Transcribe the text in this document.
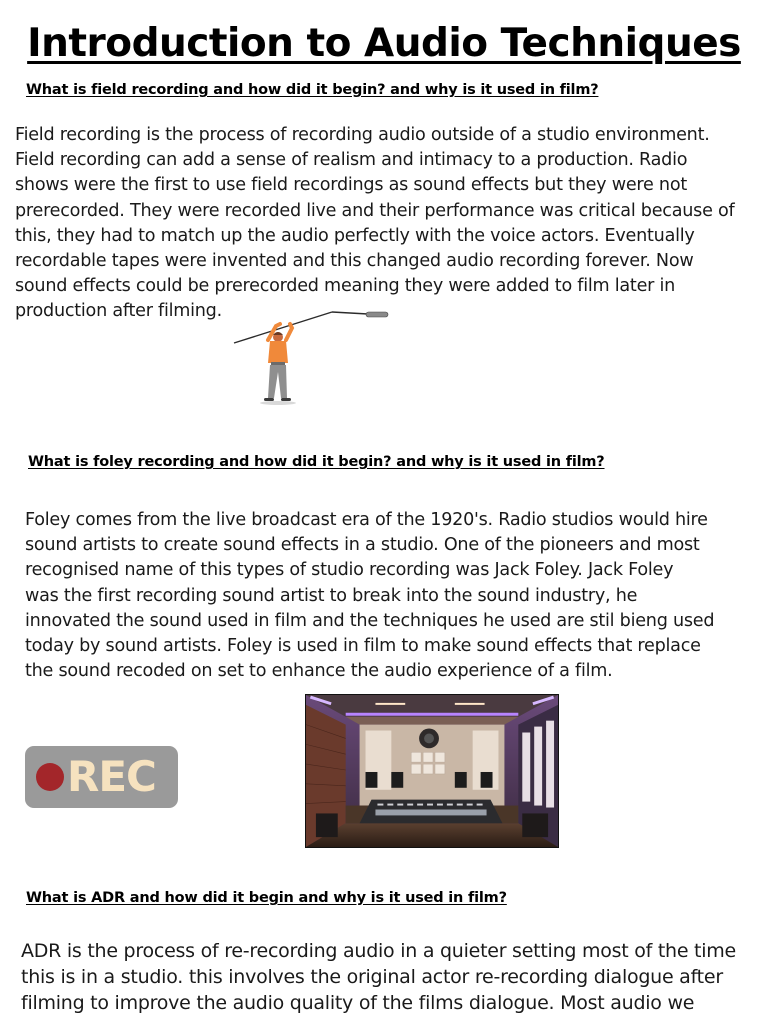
Introduction to Audio Techniques

What is field recording and how did it begin? and why is it used in film?

Field recording is the process of recording audio outside of a studio environment.
Field recording can add a sense of realism and intimacy to a production. Radio
shows were the first to use field recordings as sound effects but they were not
prerecorded. They were recorded live and their performance was critical because of
this, they had to match up the audio perfectly with the voice actors. Eventually
recordable tapes were invented and this changed audio recording forever. Now
sound effects could be prerecorded meaning they were added to film later in
production after filming.

What is foley recording and how did it begin? and why is it used in film?

Foley comes from the live broadcast era of the 1920's. Radio studios would hire
sound artists to create sound effects in a studio. One of the pioneers and most
recognised name of this types of studio recording was Jack Foley. Jack Foley
was the first recording sound artist to break into the sound industry, he
innovated the sound used in film and the techniques he used are stil bieng used
today by sound artists. Foley is used in film to make sound effects that replace
the sound recoded on set to enhance the audio experience of a film.
REC

What is ADR and how did it begin and why is it used in film?

ADR is the process of re-recording audio in a quieter setting most of the time
this is in a studio. this involves the original actor re-recording dialogue after
filming to improve the audio quality of the films dialogue. Most audio we
